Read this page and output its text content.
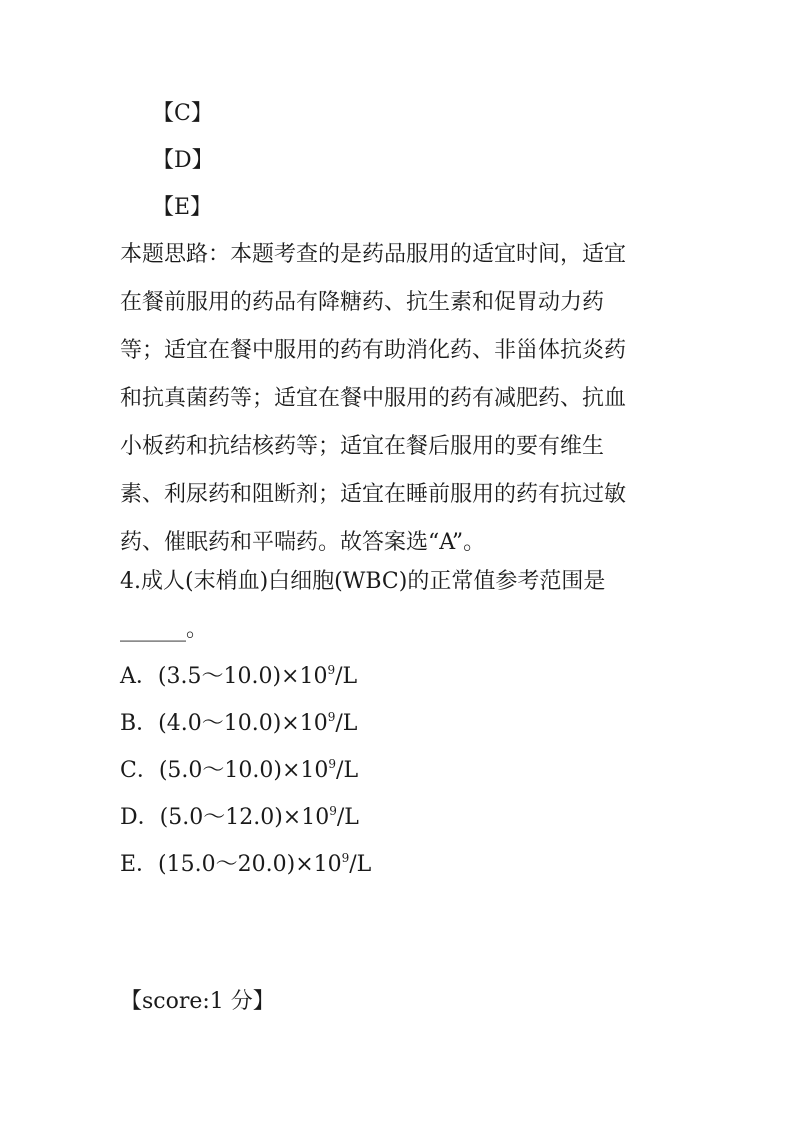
【C】
【D】
【E】
本题思路：本题考查的是药品服用的适宜时间，适宜
在餐前服用的药品有降糖药、抗生素和促胃动力药
等；适宜在餐中服用的药有助消化药、非甾体抗炎药
和抗真菌药等；适宜在餐中服用的药有减肥药、抗血
小板药和抗结核药等；适宜在餐后服用的要有维生
素、利尿药和阻断剂；适宜在睡前服用的药有抗过敏
药、催眠药和平喘药。故答案选“A”。
4.成人(末梢血)白细胞(WBC)的正常值参考范围是
______。
A．$(3.5\sim 10.0)\times 10^9/L$
B．$(4.0\sim 10.0)\times 10^9/L$
C．$(5.0\sim 10.0)\times 10^9/L$
D．$(5.0\sim 12.0)\times 10^9/L$
E．$(15.0\sim 20.0)\times 10^9/L$
【score:1 分】
